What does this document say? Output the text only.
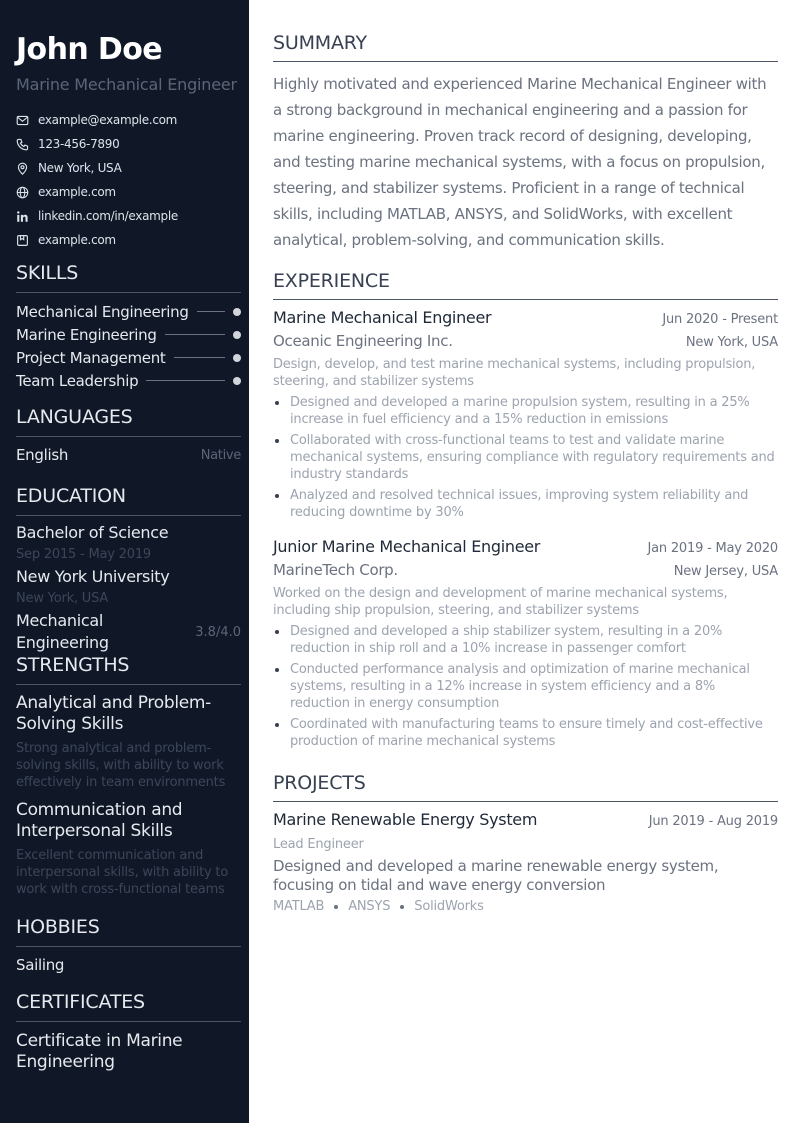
John Doe
Marine Mechanical Engineer
example@example.com
123-456-7890
New York, USA
example.com
linkedin.com/in/example
example.com
SKILLS
Mechanical Engineering
Marine Engineering
Project Management
Team Leadership
LANGUAGES
English	Native
EDUCATION
Bachelor of Science
Sep 2015 - May 2019
New York University
New York, USA
Mechanical Engineering
3.8/4.0
STRENGTHS
Analytical and Problem-Solving Skills
Strong analytical and problem-solving skills, with ability to work effectively in team environments
Communication and Interpersonal Skills
Excellent communication and interpersonal skills, with ability to work with cross-functional teams
HOBBIES
Sailing
CERTIFICATES
Certificate in Marine Engineering
SUMMARY

Highly motivated and experienced Marine Mechanical Engineer with a strong background in mechanical engineering and a passion for marine engineering. Proven track record of designing, developing, and testing marine mechanical systems, with a focus on propulsion, steering, and stabilizer systems. Proficient in a range of technical skills, including MATLAB, ANSYS, and SolidWorks, with excellent analytical, problem-solving, and communication skills.

EXPERIENCE
Marine Mechanical Engineer	Jun 2020 - Present
Oceanic Engineering Inc.	New York, USA
Design, develop, and test marine mechanical systems, including propulsion, steering, and stabilizer systems
Designed and developed a marine propulsion system, resulting in a 25% increase in fuel efficiency and a 15% reduction in emissions
Collaborated with cross-functional teams to test and validate marine mechanical systems, ensuring compliance with regulatory requirements and industry standards
Analyzed and resolved technical issues, improving system reliability and reducing downtime by 30%
Junior Marine Mechanical Engineer	Jan 2019 - May 2020
MarineTech Corp.	New Jersey, USA
Worked on the design and development of marine mechanical systems, including ship propulsion, steering, and stabilizer systems
Designed and developed a ship stabilizer system, resulting in a 20% reduction in ship roll and a 10% increase in passenger comfort
Conducted performance analysis and optimization of marine mechanical systems, resulting in a 12% increase in system efficiency and a 8% reduction in energy consumption
Coordinated with manufacturing teams to ensure timely and cost-effective production of marine mechanical systems
PROJECTS
Marine Renewable Energy System	Jun 2019 - Aug 2019
Lead Engineer
Designed and developed a marine renewable energy system, focusing on tidal and wave energy conversion
MATLAB ANSYS SolidWorks
